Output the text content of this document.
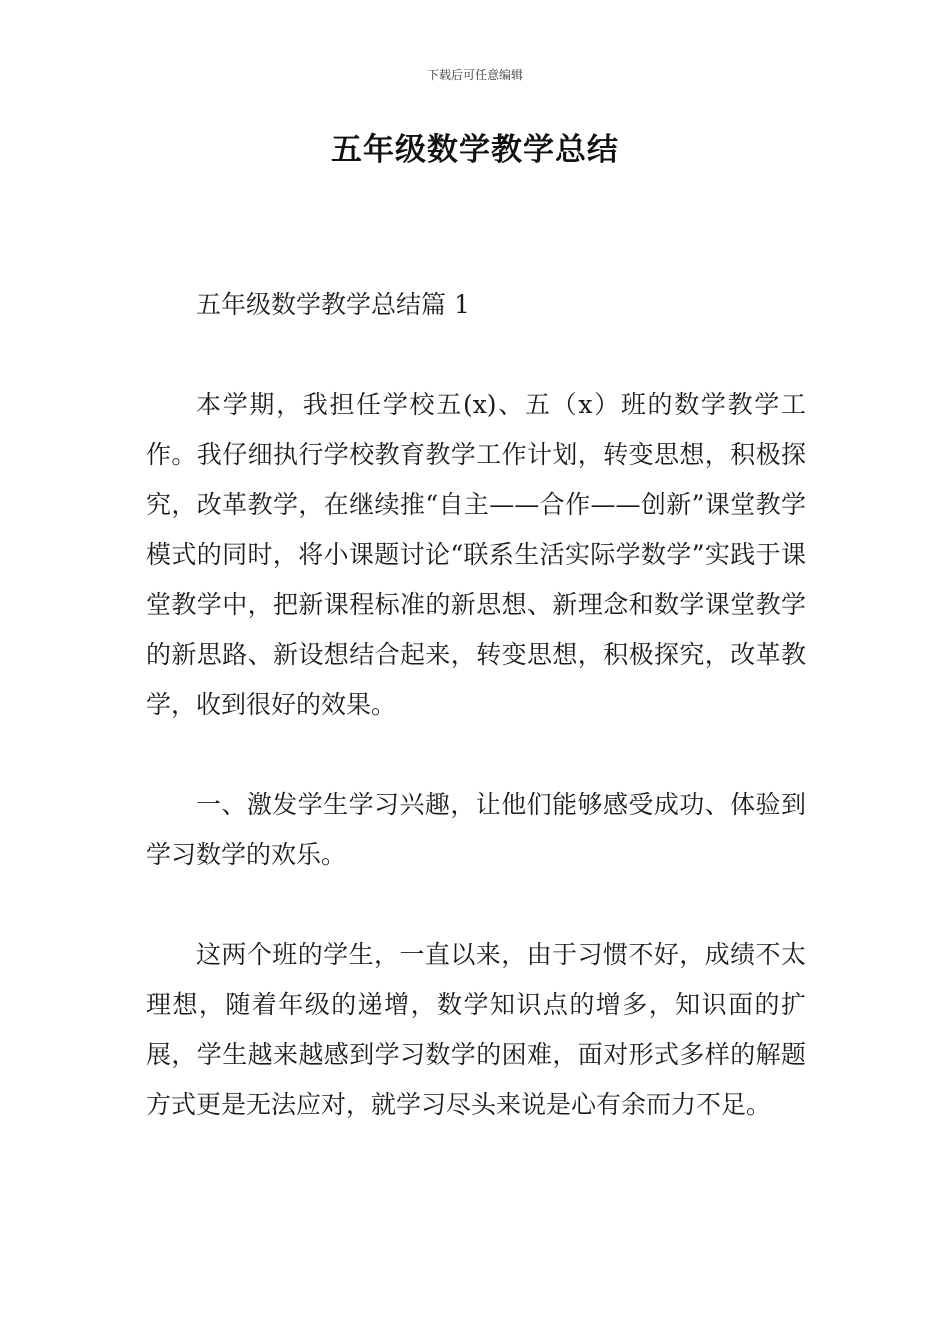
下载后可任意编辑
五年级数学教学总结

五年级数学教学总结篇 1

本学期，我担任学校五(x)、五（x）班的数学教学工作。我仔细执行学校教育教学工作计划，转变思想，积极探究，改革教学，在继续推“自主——合作——创新”课堂教学模式的同时，将小课题讨论“联系生活实际学数学”实践于课堂教学中，把新课程标准的新思想、新理念和数学课堂教学的新思路、新设想结合起来，转变思想，积极探究，改革教学，收到很好的效果。

一、激发学生学习兴趣，让他们能够感受成功、体验到学习数学的欢乐。

这两个班的学生，一直以来，由于习惯不好，成绩不太理想，随着年级的递增，数学知识点的增多，知识面的扩展，学生越来越感到学习数学的困难，面对形式多样的解题方式更是无法应对，就学习尽头来说是心有余而力不足。
